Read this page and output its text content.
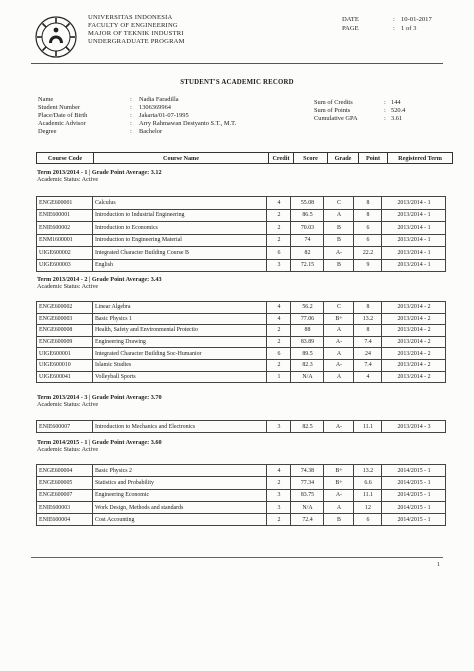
UNIVERSITAS INDONESIA
FACULTY OF ENGINEERING
MAJOR OF TEKNIK INDUSTRI
UNDERGRADUATE PROGRAM
DATE	: 10-01-2017
PAGE	: 1 of 3
STUDENT'S ACADEMIC RECORD
Name	:	Nadia Faradilla
Student Number	:	1306369964
Place/Date of Birth	:	Jakarta/01-07-1995
Academic Advisor	:	Arry Rahmawan Destyanto S.T., M.T.
Degree	:	Bachelor
Sum of Credits	: 144
Sum of Points	: 520.4
Cumulative GPA	: 3.61
Course Code	Course Name	Credit	Score	Grade	Point	Registered Term
Term 2013/2014 - 1 | Grade Point Average: 3.12
Academic Status: Active
ENGE600001	Calculus	4	55.08	C	8	2013/2014 - 1
ENIE600001	Introduction to Industrial Engineering	2	86.5	A	8	2013/2014 - 1
ENIE600002	Introduction to Economics	2	70.03	B	6	2013/2014 - 1
ENM1600001	Introduction to Engineering Material	2	74	B	6	2013/2014 - 1
UIGE600002	Integrated Character Building Course B	6	82	A-	22.2	2013/2014 - 1
UIGE600003	English	3	72.15	B	9	2013/2014 - 1
Term 2013/2014 - 2 | Grade Point Average: 3.43
Academic Status: Active
ENGE600002	Linear Algebra	4	56.2	C	8	2013/2014 - 2
ENGE600003	Basic Physics 1	4	77.06	B+	13.2	2013/2014 - 2
ENGE600008	Health, Safety and Environmental Protectio	2	88	A	8	2013/2014 - 2
ENGE600009	Engineering Drawing	2	83.89	A-	7.4	2013/2014 - 2
UIGE600001	Integrated Character Building Soc-Humanior	6	89.5	A	24	2013/2014 - 2
UIGE600010	Islamic Studies	2	82.3	A-	7.4	2013/2014 - 2
UIGE600041	Volleyball Sports	1	N/A	A	4	2013/2014 - 2
Term 2013/2014 - 3 | Grade Point Average: 3.70
Academic Status: Active
ENIE600007	Introduction to Mechanics and Electronics	3	82.5	A-	11.1	2013/2014 - 3
Term 2014/2015 - 1 | Grade Point Average: 3.60
Academic Status: Active
ENGE600004	Basic Physics 2	4	74.38	B+	13.2	2014/2015 - 1
ENGE600005	Statistics and Probability	2	77.34	B+	6.6	2014/2015 - 1
ENGE600007	Engineering Economic	3	83.75	A-	11.1	2014/2015 - 1
ENIE600003	Work Design, Methods and standards	3	N/A	A	12	2014/2015 - 1
ENIE600004	Cost Accounting	2	72.4	B	6	2014/2015 - 1
1
